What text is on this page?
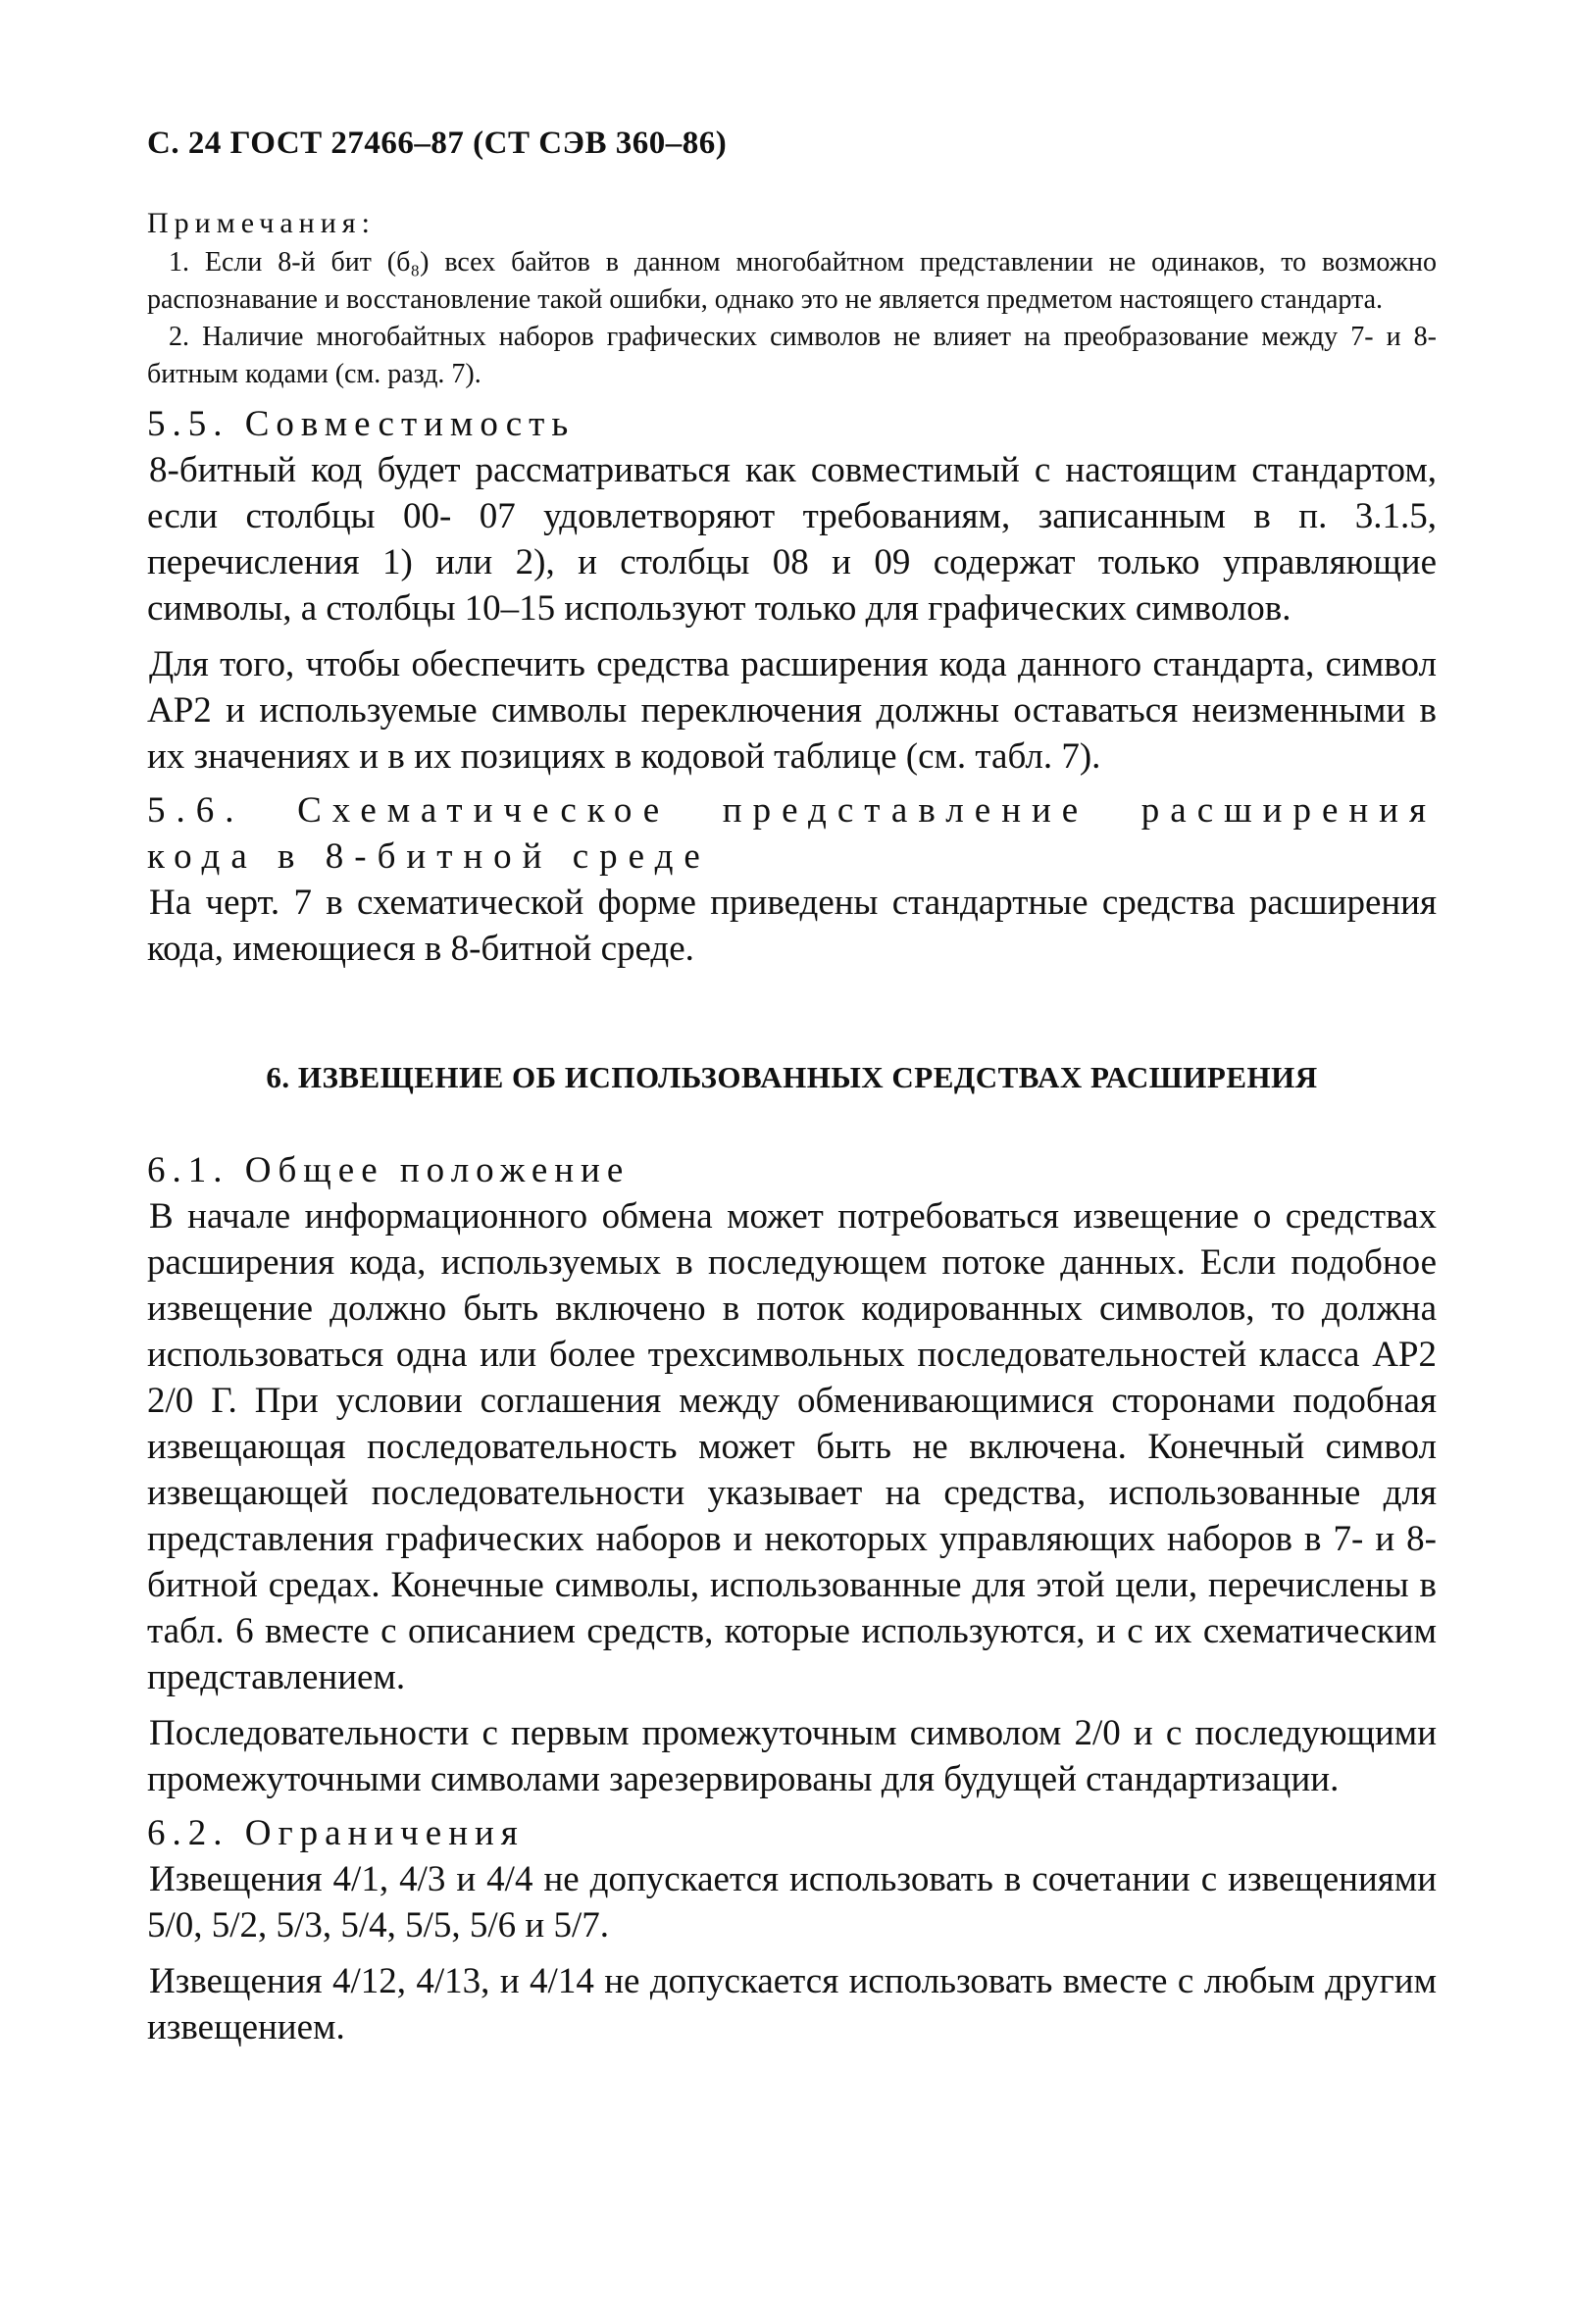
С. 24 ГОСТ 27466–87 (СТ СЭВ 360–86)
Примечания:

1. Если 8-й бит (б₈) всех байтов в данном многобайтном представлении не одинаков, то возможно распознавание и восстановление такой ошибки, однако это не является предметом настоящего стандарта.

2. Наличие многобайтных наборов графических символов не влияет на преобразование между 7- и 8-битным кодами (см. разд. 7).

5.5. Совместимость

8-битный код будет рассматриваться как совместимый с настоящим стандартом, если столбцы 00- 07 удовлетворяют требованиям, записанным в п. 3.1.5, перечисления 1) или 2), и столбцы 08 и 09 содержат только управляющие символы, а столбцы 10–15 используют только для графических символов.

Для того, чтобы обеспечить средства расширения кода данного стандарта, символ АР2 и используемые символы переключения должны оставаться неизменными в их значениях и в их позициях в кодовой таблице (см. табл. 7).

5.6. Схематическое представление расширения кода в 8-битной среде

На черт. 7 в схематической форме приведены стандартные средства расширения кода, имеющиеся в 8-битной среде.

6. ИЗВЕЩЕНИЕ ОБ ИСПОЛЬЗОВАННЫХ СРЕДСТВАХ РАСШИРЕНИЯ

6.1. Общее положение

В начале информационного обмена может потребоваться извещение о средствах расширения кода, используемых в последующем потоке данных. Если подобное извещение должно быть включено в поток кодированных символов, то должна использоваться одна или более трехсимвольных последовательностей класса АР2 2/0 Г. При условии соглашения между обменивающимися сторонами подобная извещающая последовательность может быть не включена. Конечный символ извещающей последовательности указывает на средства, использованные для представления графических наборов и некоторых управляющих наборов в 7- и 8-битной средах. Конечные символы, использованные для этой цели, перечислены в табл. 6 вместе с описанием средств, которые используются, и с их схематическим представлением.

Последовательности с первым промежуточным символом 2/0 и с последующими промежуточными символами зарезервированы для будущей стандартизации.

6.2. Ограничения

Извещения 4/1, 4/3 и 4/4 не допускается использовать в сочетании с извещениями 5/0, 5/2, 5/3, 5/4, 5/5, 5/6 и 5/7.

Извещения 4/12, 4/13, и 4/14 не допускается использовать вместе с любым другим извещением.
